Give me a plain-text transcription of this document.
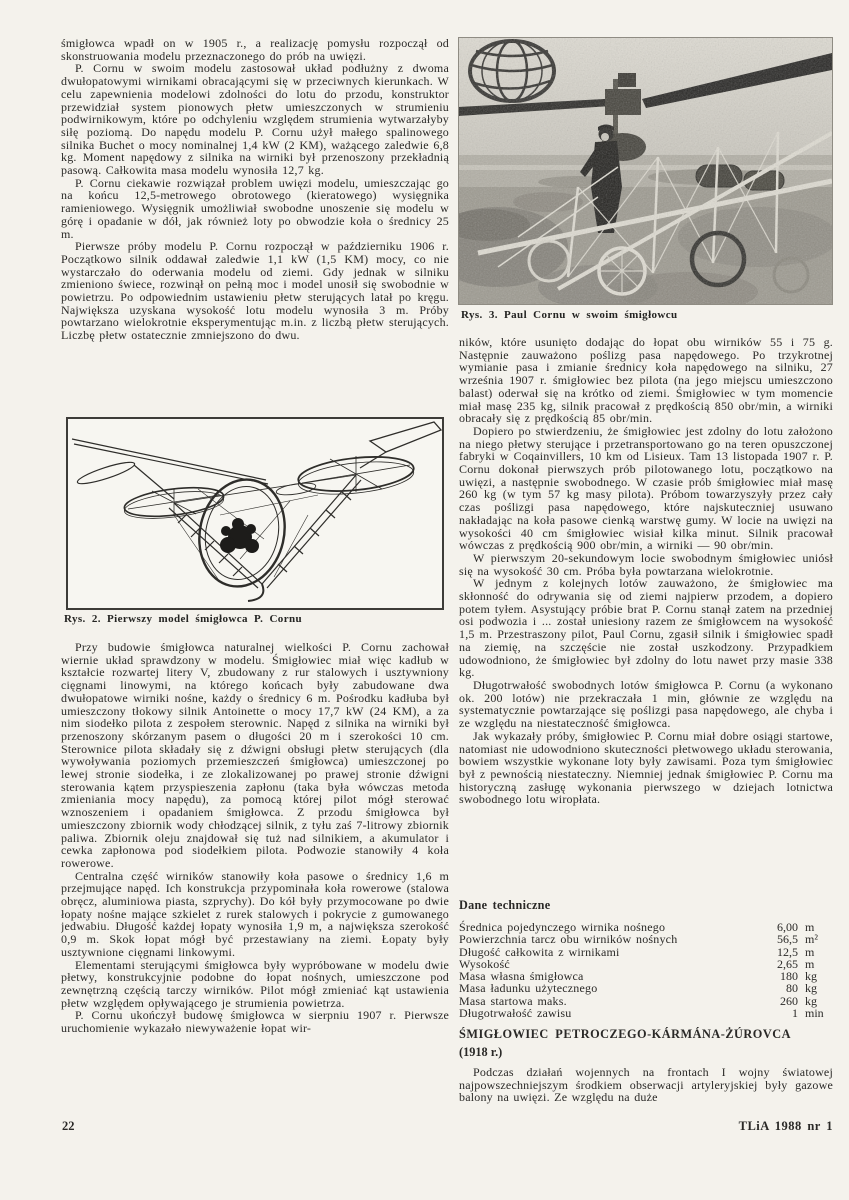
śmigłowca wpadł on w 1905 r., a realizację pomysłu rozpoczął od skonstruowania modelu przeznaczonego do prób na uwięzi.

P. Cornu w swoim modelu zastosował układ podłużny z dwoma dwułopatowymi wirnikami obracającymi się w przeciwnych kierunkach. W celu zapewnienia modelowi zdolności do lotu do przodu, konstruktor przewidział system pionowych płetw umieszczonych w strumieniu podwirnikowym, które po odchyleniu względem strumienia wytwarzałyby siłę poziomą. Do napędu modelu P. Cornu użył małego spalinowego silnika Buchet o mocy nominalnej 1,4 kW (2 KM), ważącego zaledwie 6,8 kg. Moment napędowy z silnika na wirniki był przenoszony przekładnią pasową. Całkowita masa modelu wynosiła 12,7 kg.

P. Cornu ciekawie rozwiązał problem uwięzi modelu, umieszczając go na końcu 12,5-metrowego obrotowego (kieratowego) wysięgnika ramieniowego. Wysięgnik umożliwiał swobodne unoszenie się modelu w górę i opadanie w dół, jak również loty po obwodzie koła o średnicy 25 m.

Pierwsze próby modelu P. Cornu rozpoczął w październiku 1906 r. Początkowo silnik oddawał zaledwie 1,1 kW (1,5 KM) mocy, co nie wystarczało do oderwania modelu od ziemi. Gdy jednak w silniku zmieniono świece, rozwinął on pełną moc i model unosił się swobodnie w powietrzu. Po odpowiednim ustawieniu płetw sterujących latał po kręgu. Największa uzyskana wysokość lotu modelu wynosiła 3 m. Próby powtarzano wielokrotnie eksperymentując m.in. z liczbą płetw sterujących. Liczbę płetw ostatecznie zmniejszono do dwu.

Rys. 2. Pierwszy model śmigłowca P. Cornu

Przy budowie śmigłowca naturalnej wielkości P. Cornu zachował wiernie układ sprawdzony w modelu. Śmigłowiec miał więc kadłub w kształcie rozwartej litery V, zbudowany z rur stalowych i usztywniony cięgnami linowymi, na którego końcach były zabudowane dwa dwułopatowe wirniki nośne, każdy o średnicy 6 m. Pośrodku kadłuba był umieszczony tłokowy silnik Antoinette o mocy 17,7 kW (24 KM), a za nim siodełko pilota z zespołem sterownic. Napęd z silnika na wirniki był przenoszony skórzanym pasem o długości 20 m i szerokości 10 cm. Sterownice pilota składały się z dźwigni obsługi płetw sterujących (dla wywoływania poziomych przemieszczeń śmigłowca) umieszczonej po lewej stronie siodełka, i ze zlokalizowanej po prawej stronie dźwigni sterowania kątem przyspieszenia zapłonu (taka była wówczas metoda zmieniania mocy napędu), za pomocą której pilot mógł sterować wznoszeniem i opadaniem śmigłowca. Z przodu śmigłowca był umieszczony zbiornik wody chłodzącej silnik, z tyłu zaś 7-litrowy zbiornik paliwa. Zbiornik oleju znajdował się tuż nad silnikiem, a akumulator i cewka zapłonowa pod siodełkiem pilota. Podwozie stanowiły 4 koła rowerowe.

Centralna część wirników stanowiły koła pasowe o średnicy 1,6 m przejmujące napęd. Ich konstrukcja przypominała koła rowerowe (stalowa obręcz, aluminiowa piasta, szprychy). Do kół były przymocowane po dwie łopaty nośne mające szkielet z rurek stalowych i pokrycie z gumowanego jedwabiu. Długość każdej łopaty wynosiła 1,9 m, a największa szerokość 0,9 m. Skok łopat mógł być przestawiany na ziemi. Łopaty były usztywnione cięgnami linkowymi.

Elementami sterującymi śmigłowca były wypróbowane w modelu dwie płetwy, konstrukcyjnie podobne do łopat nośnych, umieszczone pod zewnętrzną częścią tarczy wirników. Pilot mógł zmieniać kąt ustawienia płetw względem opływającego je strumienia powietrza.

P. Cornu ukończył budowę śmigłowca w sierpniu 1907 r. Pierwsze uruchomienie wykazało niewyważenie łopat wir-

Rys. 3. Paul Cornu w swoim śmigłowcu

ników, które usunięto dodając do łopat obu wirników 55 i 75 g. Następnie zauważono poślizg pasa napędowego. Po trzykrotnej wymianie pasa i zmianie średnicy koła napędowego na silniku, 27 września 1907 r. śmigłowiec bez pilota (na jego miejscu umieszczono balast) oderwał się na krótko od ziemi. Śmigłowiec w tym momencie miał masę 235 kg, silnik pracował z prędkością 850 obr/min, a wirniki obracały się z prędkością 85 obr/min.

Dopiero po stwierdzeniu, że śmigłowiec jest zdolny do lotu założono na niego płetwy sterujące i przetransportowano go na teren opuszczonej fabryki w Coqainvillers, 10 km od Lisieux. Tam 13 listopada 1907 r. P. Cornu dokonał pierwszych prób pilotowanego lotu, początkowo na uwięzi, a następnie swobodnego. W czasie prób śmigłowiec miał masę 260 kg (w tym 57 kg masy pilota). Próbom towarzyszyły przez cały czas poślizgi pasa napędowego, które najskuteczniej usuwano nakładając na koła pasowe cienką warstwę gumy. W locie na uwięzi na wysokości 40 cm śmigłowiec wisiał kilka minut. Silnik pracował wówczas z prędkością 900 obr/min, a wirniki — 90 obr/min.

W pierwszym 20-sekundowym locie swobodnym śmigłowiec uniósł się na wysokość 30 cm. Próba była powtarzana wielokrotnie.

W jednym z kolejnych lotów zauważono, że śmigłowiec ma skłonność do odrywania się od ziemi najpierw przodem, a dopiero potem tyłem. Asystujący próbie brat P. Cornu stanął zatem na przedniej osi podwozia i ... został uniesiony razem ze śmigłowcem na wysokość 1,5 m. Przestraszony pilot, Paul Cornu, zgasił silnik i śmigłowiec spadł na ziemię, na szczęście nie został uszkodzony. Przypadkiem udowodniono, że śmigłowiec był zdolny do lotu nawet przy masie 338 kg.

Długotrwałość swobodnych lotów śmigłowca P. Cornu (a wykonano ok. 200 lotów) nie przekraczała 1 min, głównie ze względu na systematycznie powtarzające się poślizgi pasa napędowego, ale chyba i ze względu na niestateczność śmigłowca.

Jak wykazały próby, śmigłowiec P. Cornu miał dobre osiągi startowe, natomiast nie udowodniono skuteczności płetwowego układu sterowania, bowiem wszystkie wykonane loty były zawisami. Poza tym śmigłowiec był z pewnością niestateczny. Niemniej jednak śmigłowiec P. Cornu ma historyczną zasługę wykonania pierwszego w dziejach lotnictwa swobodnego lotu wiropłata.

Dane techniczne
Średnica pojedynczego wirnika nośnego	6,00 m
Powierzchnia tarcz obu wirników nośnych	56,5 m²
Długość całkowita z wirnikami	12,5 m
Wysokość	2,65 m
Masa własna śmigłowca	180 kg
Masa ładunku użytecznego	80 kg
Masa startowa maks.	260 kg
Długotrwałość zawisu	1 min
ŚMIGŁOWIEC PETROCZEGO-KÁRMÁNA-ŻÚROVCA
(1918 r.)

Podczas działań wojennych na frontach I wojny światowej najpowszechniejszym środkiem obserwacji artyleryjskiej były gazowe balony na uwięzi. Ze względu na duże

22	TLiA 1988 nr 1
